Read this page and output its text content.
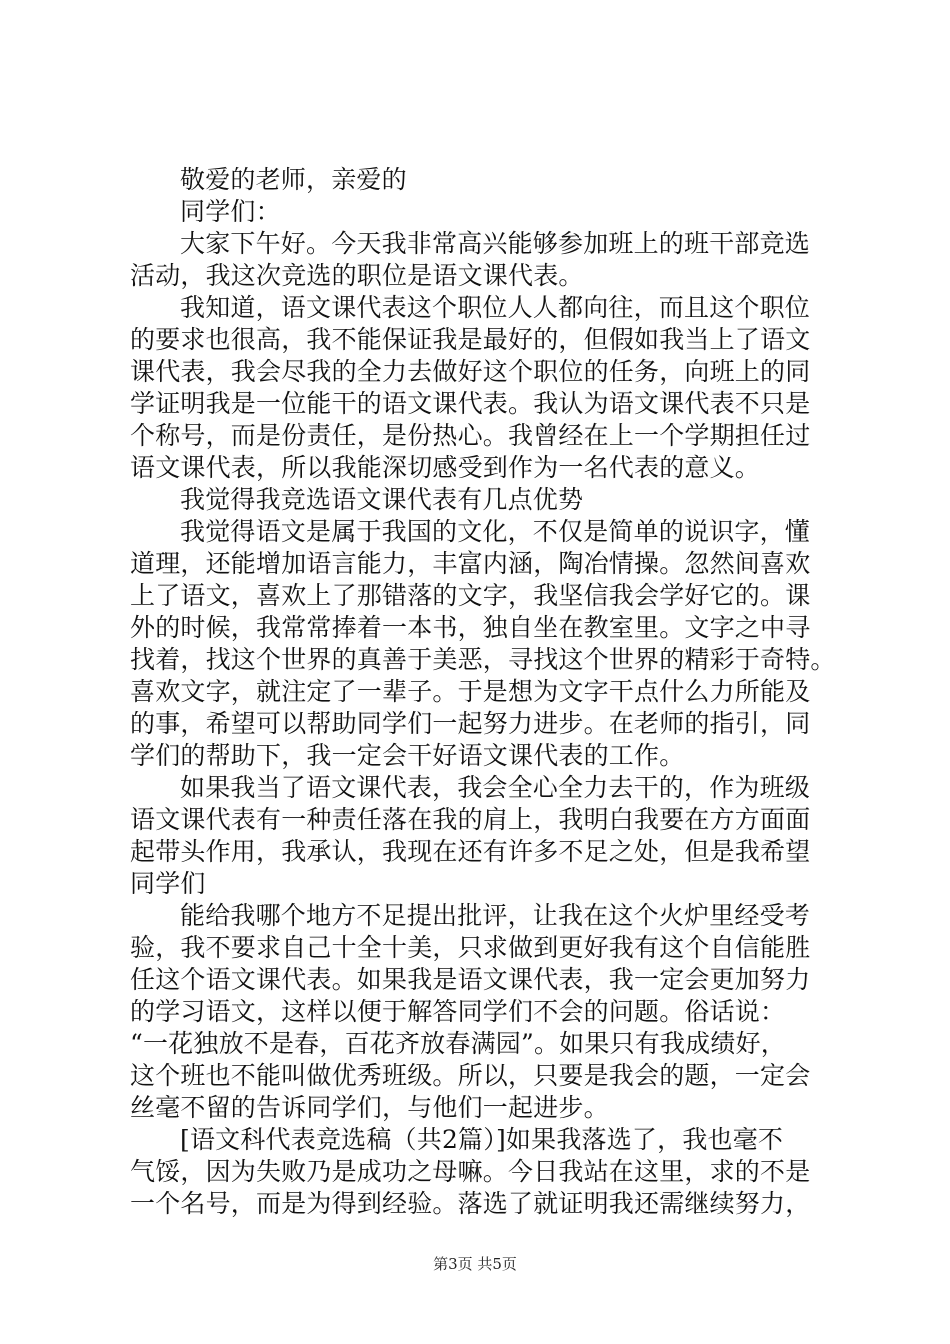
敬爱的老师，亲爱的
同学们：
大家下午好。今天我非常高兴能够参加班上的班干部竞选
活动，我这次竞选的职位是语文课代表。
我知道，语文课代表这个职位人人都向往，而且这个职位
的要求也很高，我不能保证我是最好的，但假如我当上了语文
课代表，我会尽我的全力去做好这个职位的任务，向班上的同
学证明我是一位能干的语文课代表。我认为语文课代表不只是
个称号，而是份责任，是份热心。我曾经在上一个学期担任过
语文课代表，所以我能深切感受到作为一名代表的意义。
我觉得我竞选语文课代表有几点优势
我觉得语文是属于我国的文化，不仅是简单的说识字，懂
道理，还能增加语言能力，丰富内涵，陶冶情操。忽然间喜欢
上了语文，喜欢上了那错落的文字，我坚信我会学好它的。课
外的时候，我常常捧着一本书，独自坐在教室里。文字之中寻
找着，找这个世界的真善于美恶，寻找这个世界的精彩于奇特。
喜欢文字，就注定了一辈子。于是想为文字干点什么力所能及
的事，希望可以帮助同学们一起努力进步。在老师的指引，同
学们的帮助下，我一定会干好语文课代表的工作。
如果我当了语文课代表，我会全心全力去干的，作为班级
语文课代表有一种责任落在我的肩上，我明白我要在方方面面
起带头作用，我承认，我现在还有许多不足之处，但是我希望
同学们
能给我哪个地方不足提出批评，让我在这个火炉里经受考
验，我不要求自己十全十美，只求做到更好我有这个自信能胜
任这个语文课代表。如果我是语文课代表，我一定会更加努力
的学习语文，这样以便于解答同学们不会的问题。俗话说：
“一花独放不是春，百花齐放春满园”。如果只有我成绩好，
这个班也不能叫做优秀班级。所以，只要是我会的题，一定会
丝毫不留的告诉同学们，与他们一起进步。
[语文科代表竞选稿（共2篇）]如果我落选了，我也毫不
气馁，因为失败乃是成功之母嘛。今日我站在这里，求的不是
一个名号，而是为得到经验。落选了就证明我还需继续努力，
第3页 共5页
